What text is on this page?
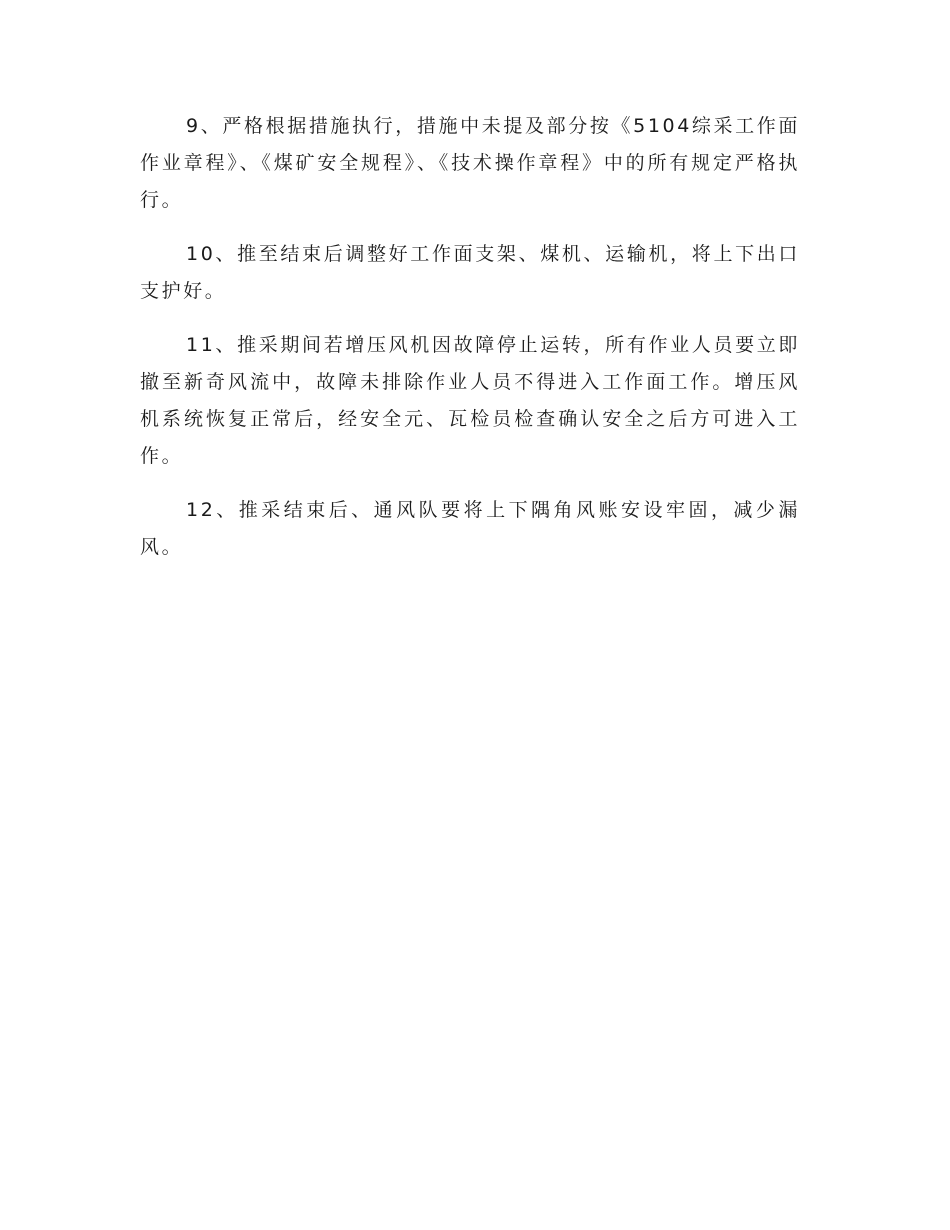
9、严格根据措施执行，措施中未提及部分按《5104综采工作面作业章程》、《煤矿安全规程》、《技术操作章程》中的所有规定严格执行。

10、推至结束后调整好工作面支架、煤机、运输机，将上下出口支护好。

11、推采期间若增压风机因故障停止运转，所有作业人员要立即撤至新奇风流中，故障未排除作业人员不得进入工作面工作。增压风机系统恢复正常后，经安全元、瓦检员检查确认安全之后方可进入工作。

12、推采结束后、通风队要将上下隅角风账安设牢固，减少漏风。
